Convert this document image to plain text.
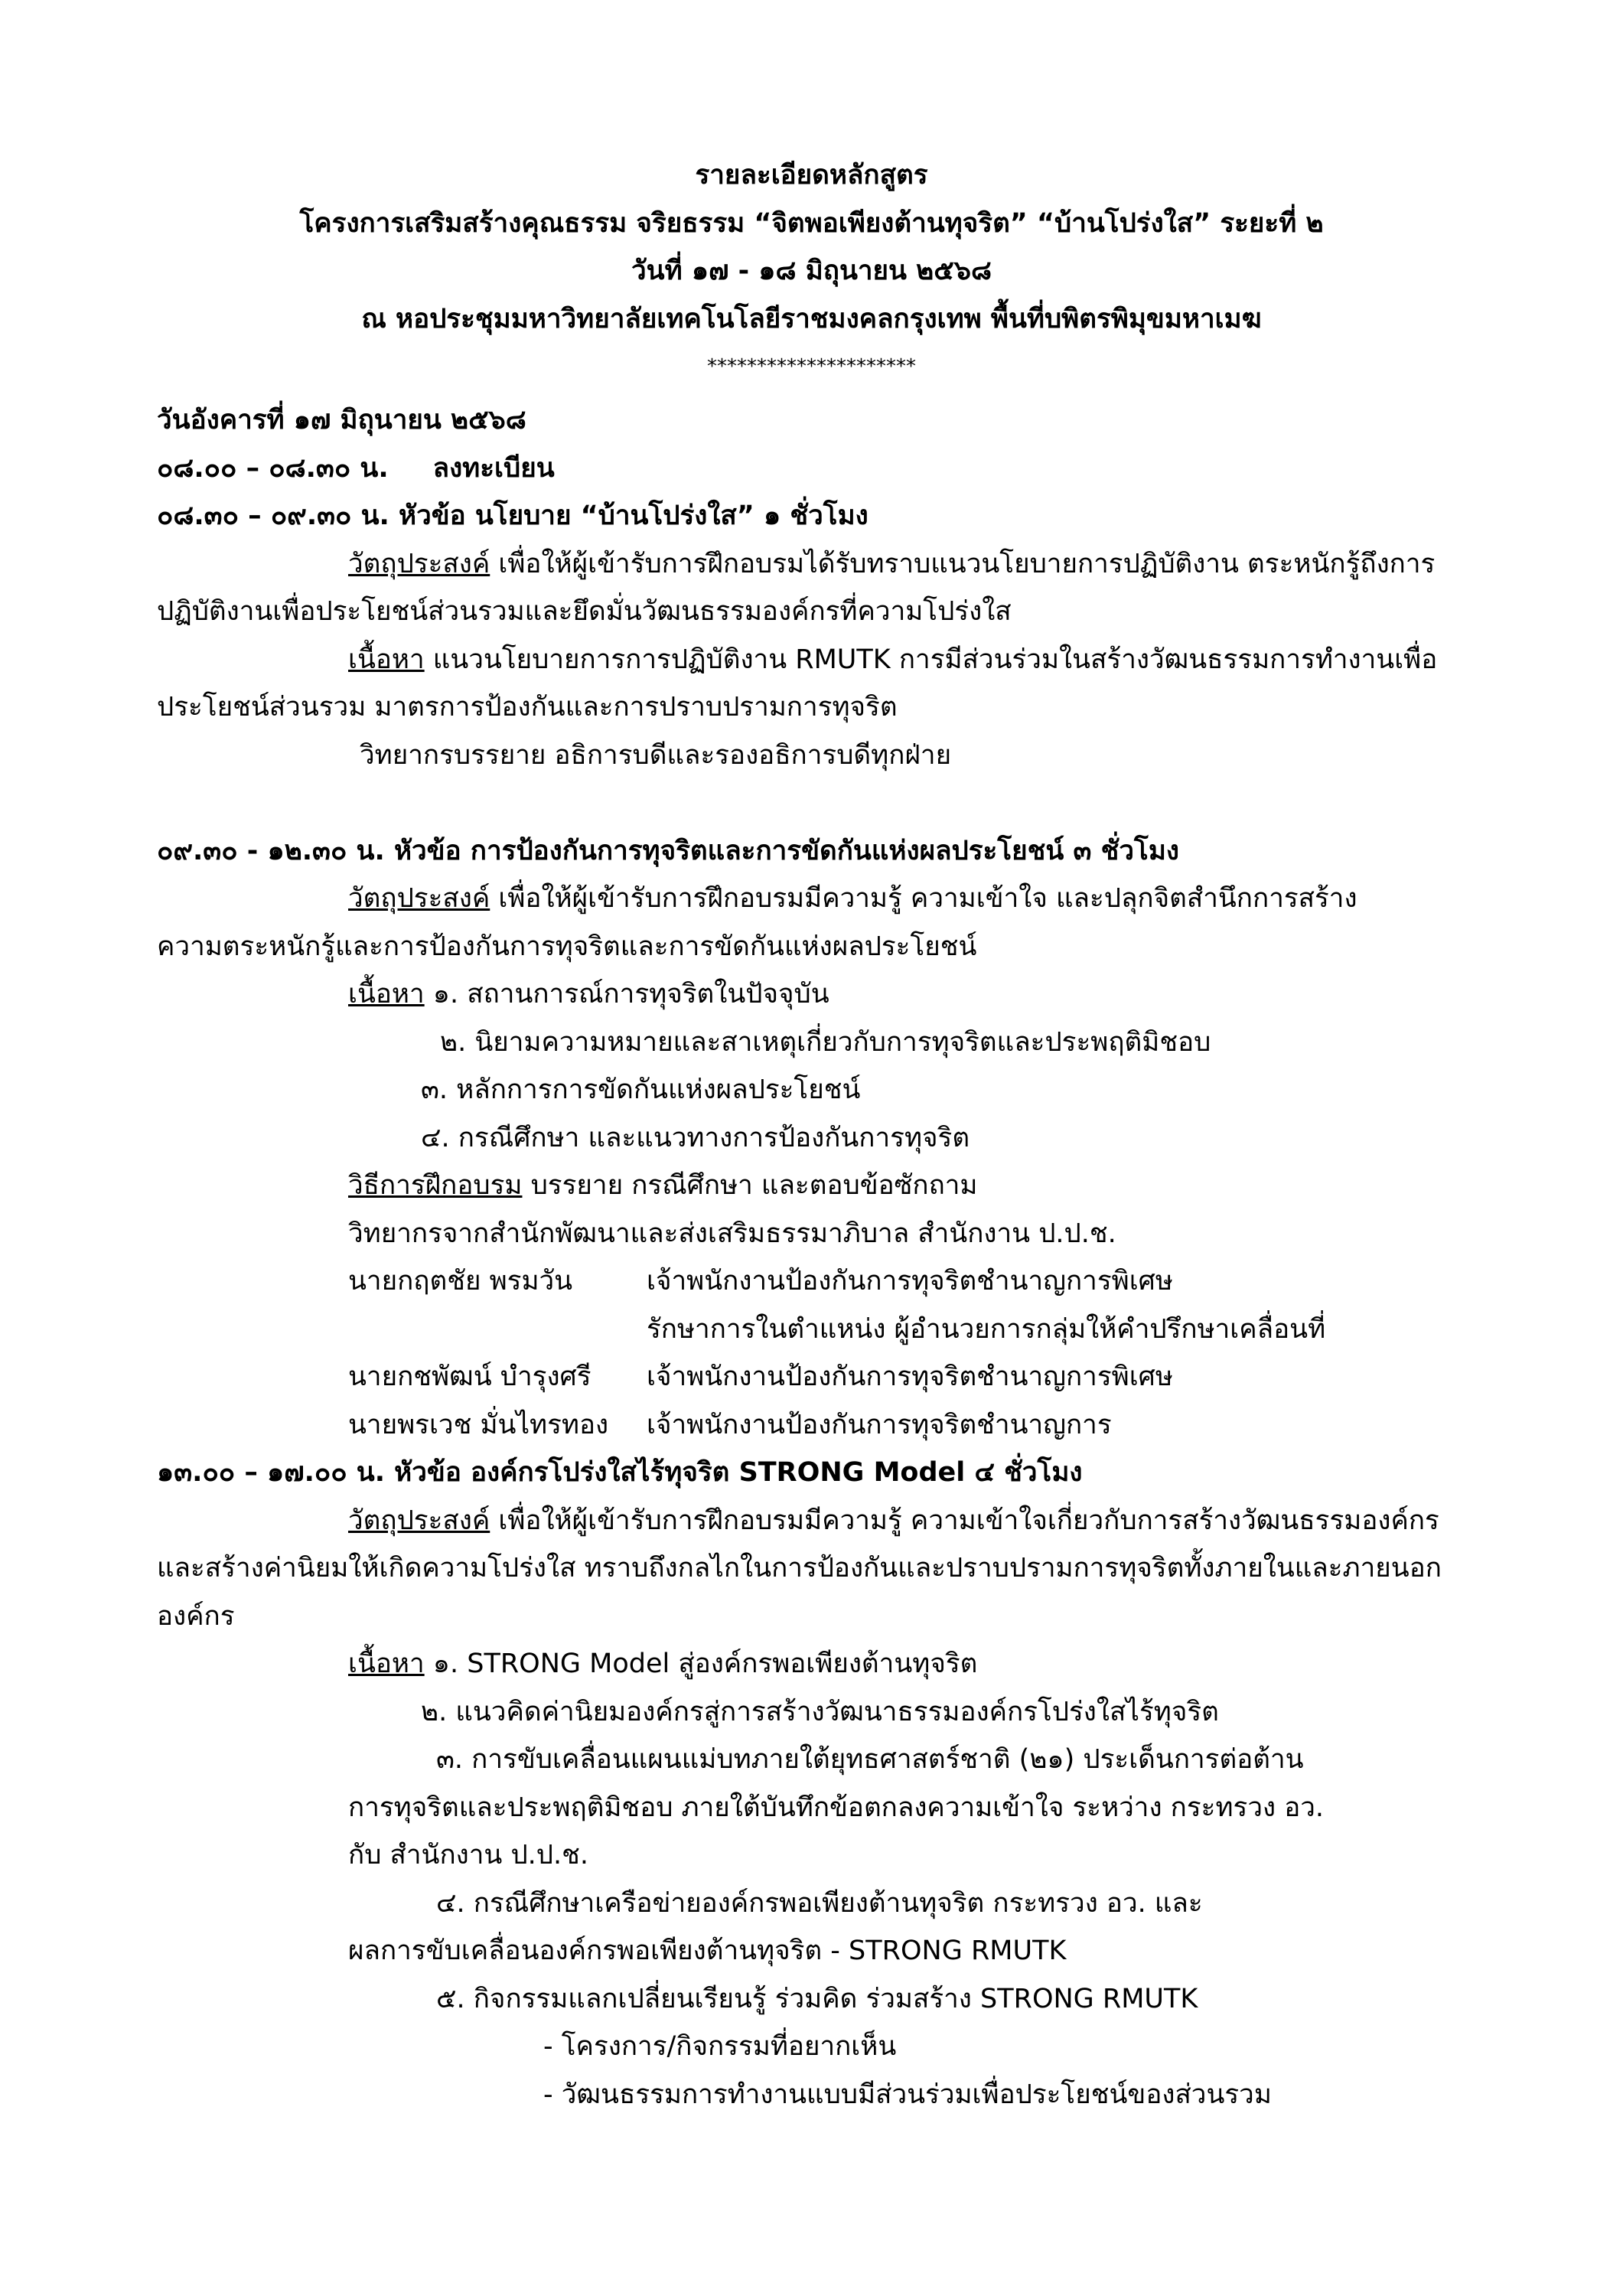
รายละเอียดหลักสูตร
โครงการเสริมสร้างคุณธรรม จริยธรรม “จิตพอเพียงต้านทุจริต” “บ้านโปร่งใส” ระยะที่ ๒
วันที่ ๑๗ - ๑๘ มิถุนายน ๒๕๖๘
ณ หอประชุมมหาวิทยาลัยเทคโนโลยีราชมงคลกรุงเทพ พื้นที่บพิตรพิมุขมหาเมฆ
*********************
วันอังคารที่ ๑๗ มิถุนายน ๒๕๖๘
๐๘.๐๐ – ๐๘.๓๐ น. ลงทะเบียน
๐๘.๓๐ – ๐๙.๓๐ น. หัวข้อ นโยบาย “บ้านโปร่งใส” ๑ ชั่วโมง
วัตถุประสงค์ เพื่อให้ผู้เข้ารับการฝึกอบรมได้รับทราบแนวนโยบายการปฏิบัติงาน ตระหนักรู้ถึงการ
ปฏิบัติงานเพื่อประโยชน์ส่วนรวมและยึดมั่นวัฒนธรรมองค์กรที่ความโปร่งใส
เนื้อหา แนวนโยบายการการปฏิบัติงาน RMUTK การมีส่วนร่วมในสร้างวัฒนธรรมการทำงานเพื่อ
ประโยชน์ส่วนรวม มาตรการป้องกันและการปราบปรามการทุจริต
วิทยากรบรรยาย อธิการบดีและรองอธิการบดีทุกฝ่าย
๐๙.๓๐ - ๑๒.๓๐ น. หัวข้อ การป้องกันการทุจริตและการขัดกันแห่งผลประโยชน์ ๓ ชั่วโมง
วัตถุประสงค์ เพื่อให้ผู้เข้ารับการฝึกอบรมมีความรู้ ความเข้าใจ และปลุกจิตสำนึกการสร้าง
ความตระหนักรู้และการป้องกันการทุจริตและการขัดกันแห่งผลประโยชน์
เนื้อหา ๑. สถานการณ์การทุจริตในปัจจุบัน
๒. นิยามความหมายและสาเหตุเกี่ยวกับการทุจริตและประพฤติมิชอบ
๓. หลักการการขัดกันแห่งผลประโยชน์
๔. กรณีศึกษา และแนวทางการป้องกันการทุจริต
วิธีการฝึกอบรม บรรยาย กรณีศึกษา และตอบข้อซักถาม
วิทยากรจากสำนักพัฒนาและส่งเสริมธรรมาภิบาล สำนักงาน ป.ป.ช.
นายกฤตชัย พรมวัน	เจ้าพนักงานป้องกันการทุจริตชำนาญการพิเศษ
รักษาการในตำแหน่ง ผู้อำนวยการกลุ่มให้คำปรึกษาเคลื่อนที่
นายกชพัฒน์ บำรุงศรี เจ้าพนักงานป้องกันการทุจริตชำนาญการพิเศษ
นายพรเวช มั่นไทรทอง เจ้าพนักงานป้องกันการทุจริตชำนาญการ
๑๓.๐๐ – ๑๗.๐๐ น. หัวข้อ องค์กรโปร่งใสไร้ทุจริต STRONG Model ๔ ชั่วโมง
วัตถุประสงค์ เพื่อให้ผู้เข้ารับการฝึกอบรมมีความรู้ ความเข้าใจเกี่ยวกับการสร้างวัฒนธรรมองค์กร
และสร้างค่านิยมให้เกิดความโปร่งใส ทราบถึงกลไกในการป้องกันและปราบปรามการทุจริตทั้งภายในและภายนอก
องค์กร
เนื้อหา ๑. STRONG Model สู่องค์กรพอเพียงต้านทุจริต
๒. แนวคิดค่านิยมองค์กรสู่การสร้างวัฒนาธรรมองค์กรโปร่งใสไร้ทุจริต
๓. การขับเคลื่อนแผนแม่บทภายใต้ยุทธศาสตร์ชาติ (๒๑) ประเด็นการต่อต้าน
การทุจริตและประพฤติมิชอบ ภายใต้บันทึกข้อตกลงความเข้าใจ ระหว่าง กระทรวง อว.
กับ สำนักงาน ป.ป.ช.
๔. กรณีศึกษาเครือข่ายองค์กรพอเพียงต้านทุจริต กระทรวง อว. และ
ผลการขับเคลื่อนองค์กรพอเพียงต้านทุจริต - STRONG RMUTK
๕. กิจกรรมแลกเปลี่ยนเรียนรู้ ร่วมคิด ร่วมสร้าง STRONG RMUTK
- โครงการ/กิจกรรมที่อยากเห็น
- วัฒนธรรมการทำงานแบบมีส่วนร่วมเพื่อประโยชน์ของส่วนรวม
